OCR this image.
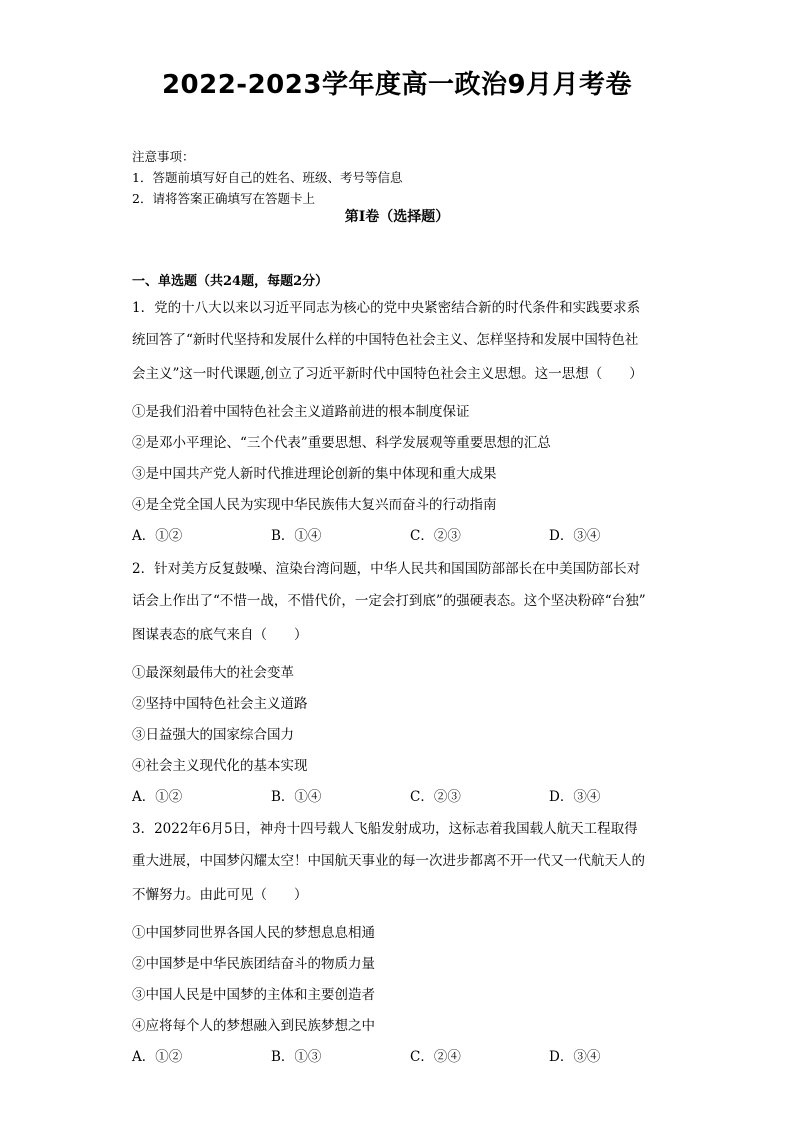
2022-2023学年度高一政治9月月考卷
注意事项：
1．答题前填写好自己的姓名、班级、考号等信息
2．请将答案正确填写在答题卡上
第I卷（选择题）
一、单选题（共24题，每题2分）
1．党的十八大以来以习近平同志为核心的党中央紧密结合新的时代条件和实践要求系
统回答了“新时代坚持和发展什么样的中国特色社会主义、怎样坚持和发展中国特色社
会主义”这一时代课题,创立了习近平新时代中国特色社会主义思想。这一思想（　　）
①是我们沿着中国特色社会主义道路前进的根本制度保证
②是邓小平理论、“三个代表”重要思想、科学发展观等重要思想的汇总
③是中国共产党人新时代推进理论创新的集中体现和重大成果
④是全党全国人民为实现中华民族伟大复兴而奋斗的行动指南
A．①②	B．①④	C．②③	D．③④
2．针对美方反复鼓噪、渲染台湾问题，中华人民共和国国防部部长在中美国防部长对
话会上作出了“不惜一战，不惜代价，一定会打到底”的强硬表态。这个坚决粉碎“台独”
图谋表态的底气来自（　　）
①最深刻最伟大的社会变革
②坚持中国特色社会主义道路
③日益强大的国家综合国力
④社会主义现代化的基本实现
A．①②	B．①④	C．②③	D．③④
3．2022年6月5日，神舟十四号载人飞船发射成功，这标志着我国载人航天工程取得
重大进展，中国梦闪耀太空！中国航天事业的每一次进步都离不开一代又一代航天人的
不懈努力。由此可见（　　）
①中国梦同世界各国人民的梦想息息相通
②中国梦是中华民族团结奋斗的物质力量
③中国人民是中国梦的主体和主要创造者
④应将每个人的梦想融入到民族梦想之中
A．①②	B．①③	C．②④	D．③④
